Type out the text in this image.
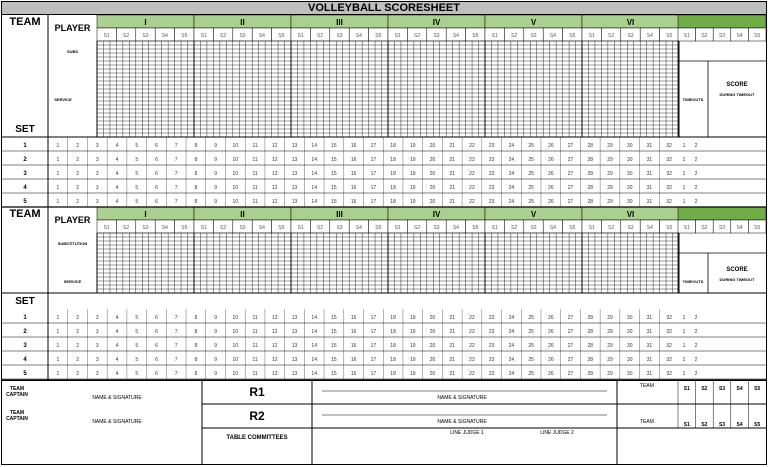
VOLLEYBALL SCORESHEET
TEAM
PLAYER
SUBS
SERVICE
SET
TIMEOUTS
SCORE
DURING TIMEOUT
TEAM
PLAYER
SUBSTITUTION
SERVICE
SET
TIMEOUTS
SCORE
DURING TIMEOUT
TEAM CAPTAIN
TEAM CAPTAIN
NAME & SIGNATURE
NAME & SIGNATURE
R1
R2
TABLE COMMITTEES
NAME & SIGNATURE
NAME & SIGNATURE
LINE JUDGE 1	LINE JUDGE 2
TEAM
TEAM
I
S1	S2	S3	S4	S5
II
S1	S2	S3	S4	S5
III
S1	S2	S3	S4	S5
IV
S1	S2	S3	S4	S5
V
S1	S2	S3	S4	S5
VI
S1	S2	S3	S4	S5 S1 S2 S3 S4 S5
1	1	2	3	4	5	6	7	8	9	10	11	12	13	14	15	16	17	18	19	20	21	22	23	24	25	26	27	28	29	30	31	32 1 2
2	1	2	3	4	5	6	7	8	9	10	11	12	13	14	15	16	17	18	19	20	21	22	23	24	25	26	27	28	29	30	31	32 1 2
3	1	2	3	4	5	6	7	8	9	10	11	12	13	14	15	16	17	18	19	20	21	22	23	24	25	26	27	28	29	30	31	32 1 2
4	1	2	3	4	5	6	7	8	9	10	11	12	13	14	15	16	17	18	19	20	21	22	23	24	25	26	27	28	29	30	31	32 1 2
5	1	2	3	4	5	6	7	8	9	10	11	12	13	14	15	16	17	18	19	20	21	22	23	24	25	26	27	28	29	30	31	32 1 2
I
S1	S2	S3	S4	S5
II
S1	S2	S3	S4	S5
III
S1	S2	S3	S4	S5
IV
S1	S2	S3	S4	S5
V
S1	S2	S3	S4	S5
VI
S1	S2	S3	S4	S5 S1 S2 S3 S4 S5
1	1	2	3	4	5	6	7	8	9	10	11	12	13	14	15	16	17	18	19	20	21	22	23	24	25	26	27	28	29	30	31	32 1 2
2	1	2	3	4	5	6	7	8	9	10	11	12	13	14	15	16	17	18	19	20	21	22	23	24	25	26	27	28	29	30	31	32 1 2
3	1	2	3	4	5	6	7	8	9	10	11	12	13	14	15	16	17	18	19	20	21	22	23	24	25	26	27	28	29	30	31	32 1 2
4	1	2	3	4	5	6	7	8	9	10	11	12	13	14	15	16	17	18	19	20	21	22	23	24	25	26	27	28	29	30	31	32 1 2
5	1	2	3	4	5	6	7	8	9	10	11	12	13	14	15	16	17	18	19	20	21	22	23	24	25	26	27	28	29	30	31	32 1 2
S1
S1
S2
S2
S3
S3
S4
S4
S5
S5
